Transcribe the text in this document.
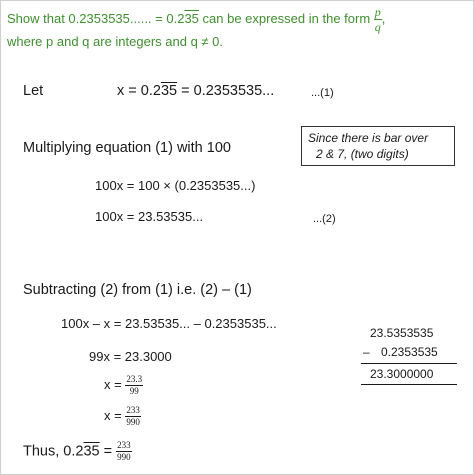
Show that 0.2353535...... = 0.235 can be expressed in the form $\frac{p}{q}$ ,
where p and q are integers and q ≠ 0.
Let	x = 0.235 = 0.2353535...	...(1)
Multiplying equation (1) with 100
Since there is bar over
2 & 7, (two digits)
100x = 100 × (0.2353535...)
100x = 23.53535...	...(2)
Subtracting (2) from (1) i.e. (2) – (1)
100x – x = 23.53535... – 0.2353535...
99x = 23.3000
$x = \frac{23.3}{99}$
$x = \frac{233}{990}$
Thus, $0.235 = \frac{233}{990}$
23.5353535
– 0.2353535
23.3000000
